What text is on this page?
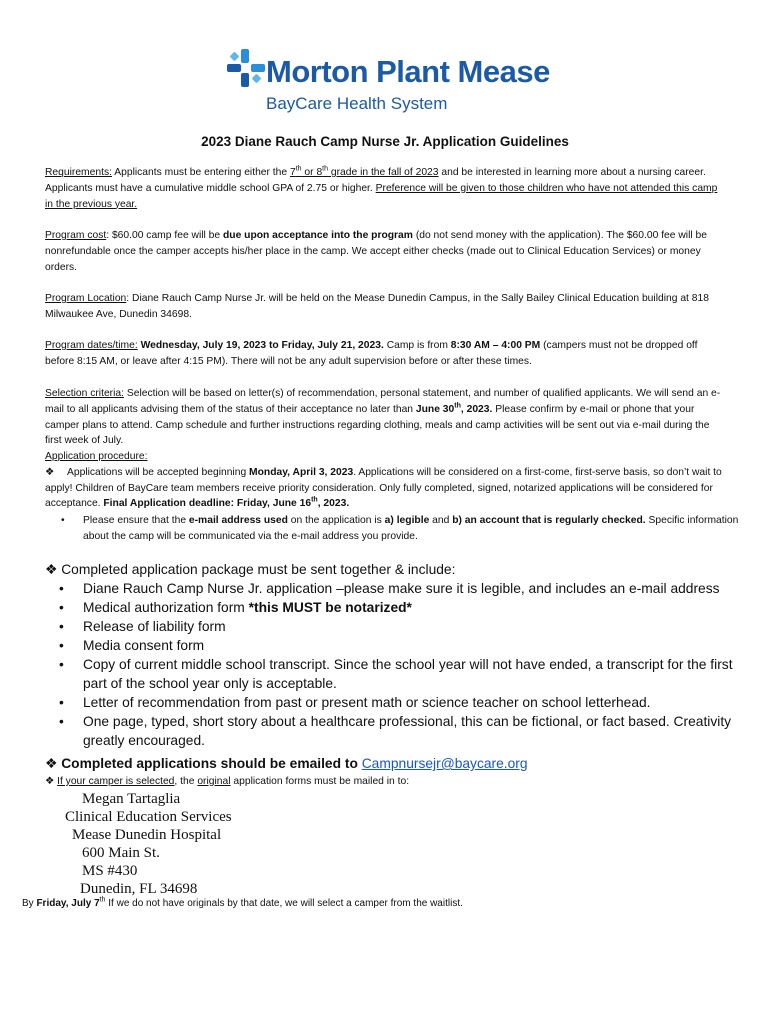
Morton Plant Mease
BayCare Health System
2023 Diane Rauch Camp Nurse Jr. Application Guidelines

Requirements: Applicants must be entering either the 7th or 8th grade in the fall of 2023 and be interested in learning more about a nursing career. Applicants must have a cumulative middle school GPA of 2.75 or higher. Preference will be given to those children who have not attended this camp in the previous year.

Program cost: $60.00 camp fee will be due upon acceptance into the program (do not send money with the application). The $60.00 fee will be nonrefundable once the camper accepts his/her place in the camp. We accept either checks (made out to Clinical Education Services) or money orders.

Program Location: Diane Rauch Camp Nurse Jr. will be held on the Mease Dunedin Campus, in the Sally Bailey Clinical Education building at 818 Milwaukee Ave, Dunedin 34698.

Program dates/time: Wednesday, July 19, 2023 to Friday, July 21, 2023. Camp is from 8:30 AM – 4:00 PM (campers must not be dropped off before 8:15 AM, or leave after 4:15 PM). There will not be any adult supervision before or after these times.

Selection criteria: Selection will be based on letter(s) of recommendation, personal statement, and number of qualified applicants. We will send an e-mail to all applicants advising them of the status of their acceptance no later than June 30th, 2023. Please confirm by e-mail or phone that your camper plans to attend. Camp schedule and further instructions regarding clothing, meals and camp activities will be sent out via e-mail during the first week of July.

Application procedure:

❖ Applications will be accepted beginning Monday, April 3, 2023. Applications will be considered on a first-come, first-serve basis, so don’t wait to apply! Children of BayCare team members receive priority consideration. Only fully completed, signed, notarized applications will be considered for acceptance. Final Application deadline: Friday, June 16th, 2023.
• Please ensure that the e-mail address used on the application is a) legible and b) an account that is regularly checked. Specific information about the camp will be communicated via the e-mail address you provide.
❖ Completed application package must be sent together & include:
• Diane Rauch Camp Nurse Jr. application –please make sure it is legible, and includes an e-mail address
• Medical authorization form *this MUST be notarized*
• Release of liability form
• Media consent form
• Copy of current middle school transcript. Since the school year will not have ended, a transcript for the first part of the school year only is acceptable.
• Letter of recommendation from past or present math or science teacher on school letterhead.
• One page, typed, short story about a healthcare professional, this can be fictional, or fact based. Creativity greatly encouraged.
❖ Completed applications should be emailed to Campnursejr@baycare.org
❖ If your camper is selected, the original application forms must be mailed in to:
Megan Tartaglia
Clinical Education Services
Mease Dunedin Hospital
600 Main St.
MS #430
Dunedin, FL 34698
By Friday, July 7th If we do not have originals by that date, we will select a camper from the waitlist.
